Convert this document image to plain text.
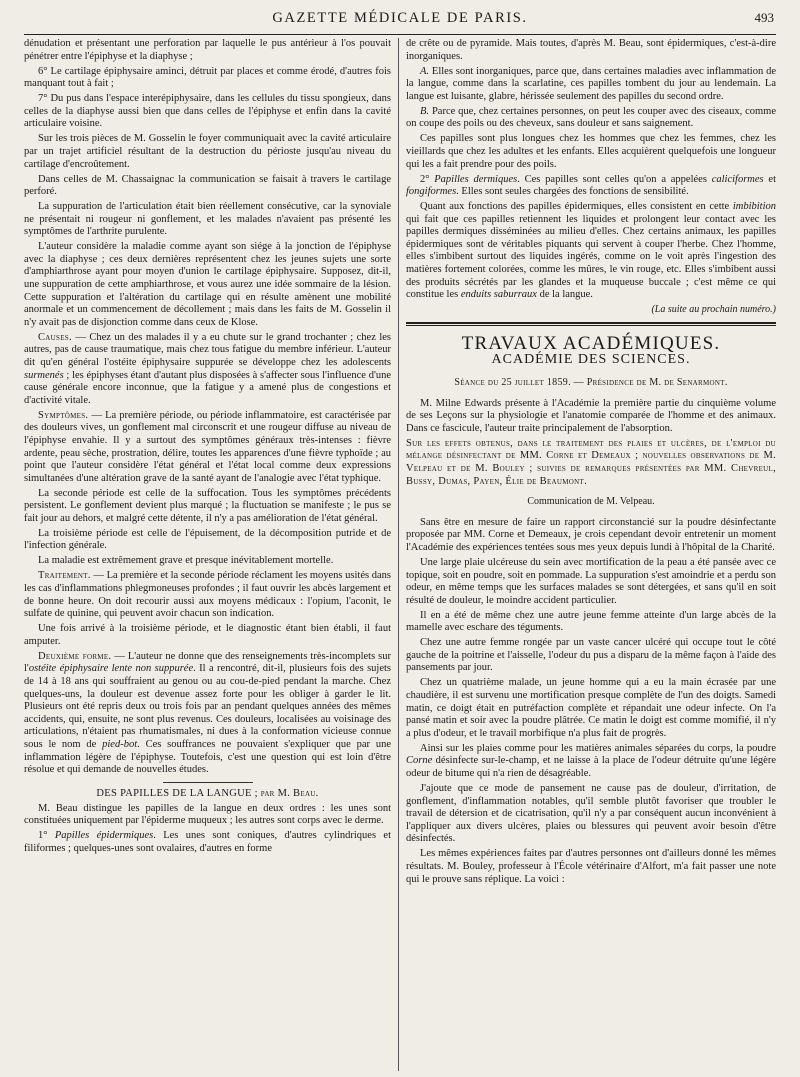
GAZETTE MÉDICALE DE PARIS.	493

dénudation et présentant une perforation par laquelle le pus antérieur à l'os pouvait pénétrer entre l'épiphyse et la diaphyse ;

6° Le cartilage épiphysaire aminci, détruit par places et comme érodé, d'autres fois manquant tout à fait ;

7° Du pus dans l'espace interépiphysaire, dans les cellules du tissu spongieux, dans celles de la diaphyse aussi bien que dans celles de l'épiphyse et enfin dans la cavité articulaire voisine.

Sur les trois pièces de M. Gosselin le foyer communiquait avec la cavité articulaire par un trajet artificiel résultant de la destruction du périoste jusqu'au niveau du cartilage d'encroûtement.

Dans celles de M. Chassaignac la communication se faisait à travers le cartilage perforé.

La suppuration de l'articulation était bien réellement consécutive, car la synoviale ne présentait ni rougeur ni gonflement, et les malades n'avaient pas présenté les symptômes de l'arthrite purulente.

L'auteur considère la maladie comme ayant son siége à la jonction de l'épiphyse avec la diaphyse ; ces deux dernières représentent chez les jeunes sujets une sorte d'amphiarthrose ayant pour moyen d'union le cartilage épiphysaire. Supposez, dit-il, une suppuration de cette amphiarthrose, et vous aurez une idée sommaire de la lésion. Cette suppuration et l'altération du cartilage qui en résulte amènent une mobilité anormale et un commencement de décollement ; mais dans les faits de M. Gosselin il n'y avait pas de disjonction comme dans ceux de Klose.

Causes. — Chez un des malades il y a eu chute sur le grand trochanter ; chez les autres, pas de cause traumatique, mais chez tous fatigue du membre inférieur. L'auteur dit qu'en général l'ostéite épiphysaire suppurée se développe chez les adolescents surmenés ; les épiphyses étant d'autant plus disposées à s'affecter sous l'influence d'une cause générale encore inconnue, que la fatigue y a amené plus de congestions et d'activité vitale.

Symptômes. — La première période, ou période inflammatoire, est caractérisée par des douleurs vives, un gonflement mal circonscrit et une rougeur diffuse au niveau de l'épiphyse envahie. Il y a surtout des symptômes généraux très-intenses : fièvre ardente, peau sèche, prostration, délire, toutes les apparences d'une fièvre typhoïde ; au point que l'auteur considère l'état général et l'état local comme deux expressions simultanées d'une altération grave de la santé ayant de l'analogie avec l'état typhique.

La seconde période est celle de la suffocation. Tous les symptômes précédents persistent. Le gonflement devient plus marqué ; la fluctuation se manifeste ; le pus se fait jour au dehors, et malgré cette détente, il n'y a pas amélioration de l'état général.

La troisième période est celle de l'épuisement, de la décomposition putride et de l'infection générale.

La maladie est extrêmement grave et presque inévitablement mortelle.

Traitement. — La première et la seconde période réclament les moyens usités dans les cas d'inflammations phlegmoneuses profondes ; il faut ouvrir les abcès largement et de bonne heure. On doit recourir aussi aux moyens médicaux : l'opium, l'aconit, le sulfate de quinine, qui peuvent avoir chacun son indication.

Une fois arrivé à la troisième période, et le diagnostic étant bien établi, il faut amputer.

Deuxième forme. — L'auteur ne donne que des renseignements très-incomplets sur l'ostéite épiphysaire lente non suppurée. Il a rencontré, dit-il, plusieurs fois des sujets de 14 à 18 ans qui souffraient au genou ou au cou-de-pied pendant la marche. Chez quelques-uns, la douleur est devenue assez forte pour les obliger à garder le lit. Plusieurs ont été repris deux ou trois fois par an pendant quelques années des mêmes accidents, qui, ensuite, ne sont plus revenus. Ces douleurs, localisées au voisinage des articulations, n'étaient pas rhumatismales, ni dues à la conformation vicieuse connue sous le nom de pied-bot. Ces souffrances ne pouvaient s'expliquer que par une inflammation légère de l'épiphyse. Toutefois, c'est une question qui est loin d'être résolue et qui demande de nouvelles études.

DES PAPILLES DE LA LANGUE ; par M. Beau.

M. Beau distingue les papilles de la langue en deux ordres : les unes sont constituées uniquement par l'épiderme muqueux ; les autres sont corps avec le derme.

1° Papilles épidermiques. Les unes sont coniques, d'autres cylindriques et filiformes ; quelques-unes sont ovalaires, d'autres en forme

de crête ou de pyramide. Mais toutes, d'après M. Beau, sont épidermiques, c'est-à-dire inorganiques.

A. Elles sont inorganiques, parce que, dans certaines maladies avec inflammation de la langue, comme dans la scarlatine, ces papilles tombent du jour au lendemain. La langue est luisante, glabre, hérissée seulement des papilles du second ordre.

B. Parce que, chez certaines personnes, on peut les couper avec des ciseaux, comme on coupe des poils ou des cheveux, sans douleur et sans saignement.

Ces papilles sont plus longues chez les hommes que chez les femmes, chez les vieillards que chez les adultes et les enfants. Elles acquièrent quelquefois une longueur qui les a fait prendre pour des poils.

2° Papilles dermiques. Ces papilles sont celles qu'on a appelées caliciformes et fongiformes. Elles sont seules chargées des fonctions de sensibilité.

Quant aux fonctions des papilles épidermiques, elles consistent en cette imbibition qui fait que ces papilles retiennent les liquides et prolongent leur contact avec les papilles dermiques disséminées au milieu d'elles. Chez certains animaux, les papilles épidermiques sont de véritables piquants qui servent à couper l'herbe. Chez l'homme, elles s'imbibent surtout des liquides ingérés, comme on le voit après l'ingestion des matières fortement colorées, comme les mûres, le vin rouge, etc. Elles s'imbibent aussi des produits sécrétés par les glandes et la muqueuse buccale ; c'est même ce qui constitue les enduits saburraux de la langue.

(La suite au prochain numéro.)
TRAVAUX ACADÉMIQUES.
ACADÉMIE DES SCIENCES.
Séance du 25 juillet 1859. — Présidence de M. de Senarmont.

M. Milne Edwards présente à l'Académie la première partie du cinquième volume de ses Leçons sur la physiologie et l'anatomie comparée de l'homme et des animaux. Dans ce fascicule, l'auteur traite principalement de l'absorption.

Sur les effets obtenus, dans le traitement des plaies et ulcères, de l'emploi du mélange désinfectant de MM. Corne et Demeaux ; nouvelles observations de M. Velpeau et de M. Bouley ; suivies de remarques présentées par MM. Chevreul, Bussy, Dumas, Payen, Élie de Beaumont.

Communication de M. Velpeau.

Sans être en mesure de faire un rapport circonstancié sur la poudre désinfectante proposée par MM. Corne et Demeaux, je crois cependant devoir entretenir un moment l'Académie des expériences tentées sous mes yeux depuis lundi à l'hôpital de la Charité.

Une large plaie ulcéreuse du sein avec mortification de la peau a été pansée avec ce topique, soit en poudre, soit en pommade. La suppuration s'est amoindrie et a perdu son odeur, en même temps que les surfaces malades se sont détergées, et sans qu'il en soit résulté de douleur, le moindre accident particulier.

Il en a été de même chez une autre jeune femme atteinte d'un large abcès de la mamelle avec eschare des téguments.

Chez une autre femme rongée par un vaste cancer ulcéré qui occupe tout le côté gauche de la poitrine et l'aisselle, l'odeur du pus a disparu de la même façon à l'aide des pansements par jour.

Chez un quatrième malade, un jeune homme qui a eu la main écrasée par une chaudière, il est survenu une mortification presque complète de l'un des doigts. Samedi matin, ce doigt était en putréfaction complète et répandait une odeur infecte. On l'a pansé matin et soir avec la poudre plâtrée. Ce matin le doigt est comme momifié, il n'y a plus d'odeur, et le travail morbifique n'a plus fait de progrès.

Ainsi sur les plaies comme pour les matières animales séparées du corps, la poudre Corne désinfecte sur-le-champ, et ne laisse à la place de l'odeur détruite qu'une légère odeur de bitume qui n'a rien de désagréable.

J'ajoute que ce mode de pansement ne cause pas de douleur, d'irritation, de gonflement, d'inflammation notables, qu'il semble plutôt favoriser que troubler le travail de détersion et de cicatrisation, qu'il n'y a par conséquent aucun inconvénient à l'appliquer aux divers ulcères, plaies ou blessures qui peuvent avoir besoin d'être désinfectés.

Les mêmes expériences faites par d'autres personnes ont d'ailleurs donné les mêmes résultats. M. Bouley, professeur à l'École vétérinaire d'Alfort, m'a fait passer une note qui le prouve sans réplique. La voici :
